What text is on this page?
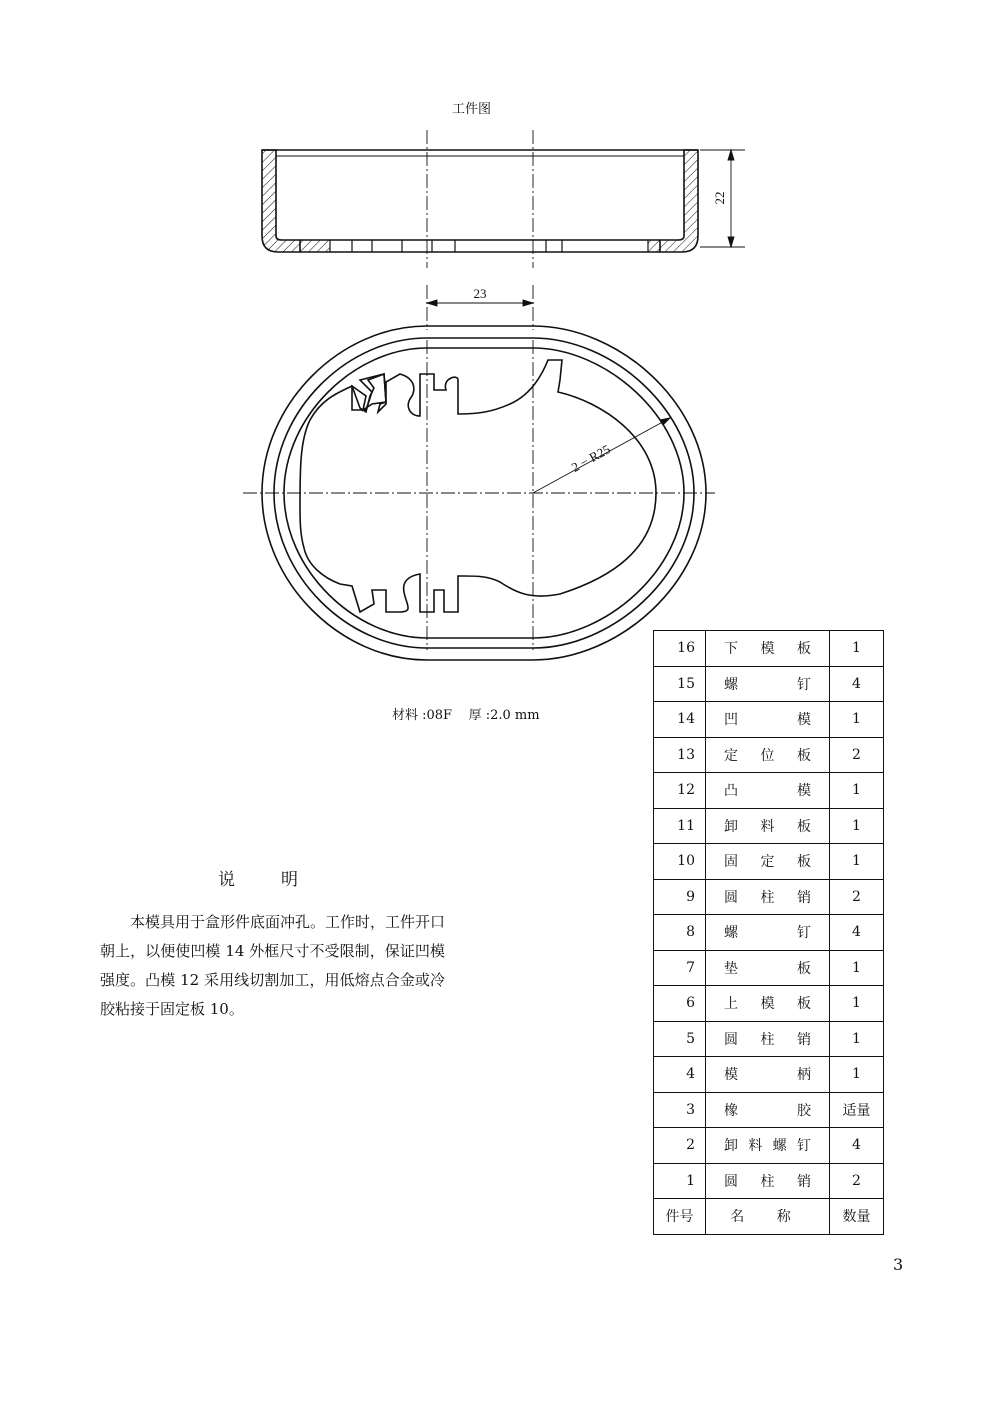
工件图
22
2 − R25
23
材料 :08F 厚 :2.0 mm
说	明
本模具用于盒形件底面冲孔。工作时，工件开口朝上，以便使凹模 14 外框尺寸不受限制，保证凹模强度。凸模 12 采用线切割加工，用低熔点合金或冷胶粘接于固定板 10。
16	下模板	1
15	螺钉	4
14	凹模	1
13	定位板	2
12	凸模	1
11	卸料板	1
10	固定板	1
9	圆柱销	2
8	螺钉	4
7	垫板	1
6	上模板	1
5	圆柱销	1
4	模柄	1
3	橡胶	适量
2	卸料螺钉	4
1	圆柱销	2
件号	名 称	数量
3
